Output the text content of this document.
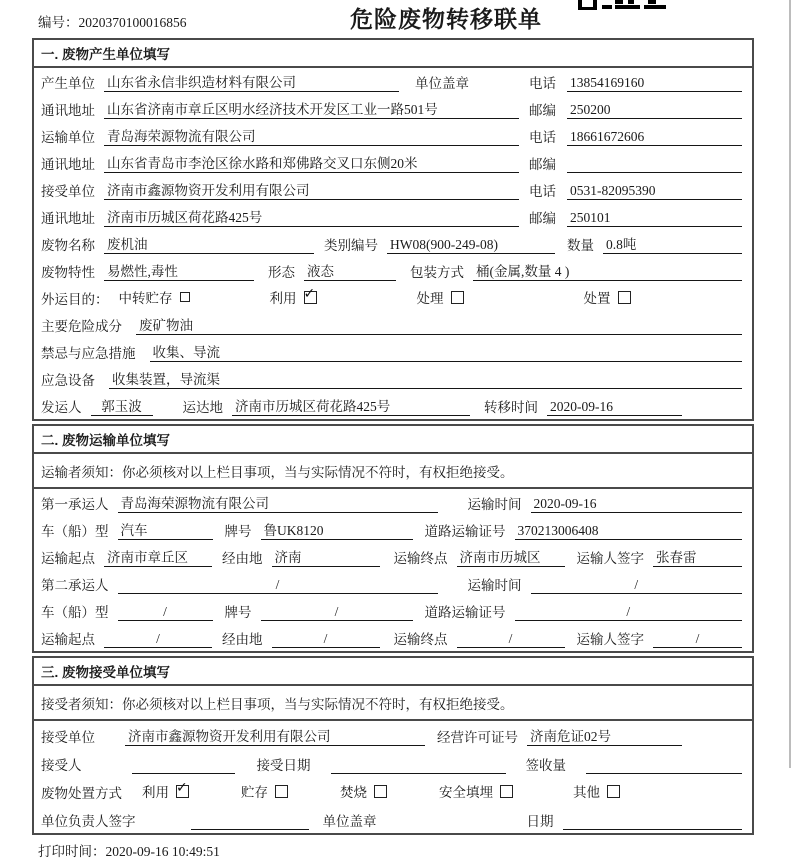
编号：2020370100016856	危险废物转移联单
一. 废物产生单位填写
产生单位 山东省永信非织造材料有限公司	单位盖章	电话 13854169160
通讯地址 山东省济南市章丘区明水经济技术开发区工业一路501号	邮编 250200
运输单位 青岛海荣源物流有限公司	电话 18661672606
通讯地址 山东省青岛市李沧区徐水路和郑佛路交叉口东侧20米	邮编
接受单位 济南市鑫源物资开发利用有限公司	电话 0531-82095390
通讯地址 济南市历城区荷花路425号	邮编 250101
废物名称 废机油	类别编号 HW08(900-249-08)	数量 0.8吨
废物特性 易燃性,毒性	形态 液态	包装方式 桶(金属,数量 4 )
外运目的： 中转贮存	利用 ✓	处理	处置
主要危险成分 废矿物油
禁忌与应急措施 收集、导流
应急设备 收集装置，导流渠
发运人	郭玉波	运达地 济南市历城区荷花路425号	转移时间 2020-09-16
二. 废物运输单位填写
运输者须知：你必须核对以上栏目事项，当与实际情况不符时，有权拒绝接受。
第一承运人 青岛海荣源物流有限公司	运输时间 2020-09-16
车（船）型 汽车	牌号 鲁UK8120	道路运输证号 370213006408
运输起点 济南市章丘区	经由地 济南	运输终点 济南市历城区	运输人签字 张春雷
第二承运人	/	运输时间	/
车（船）型	/	牌号	/	道路运输证号	/
运输起点	/	经由地	/	运输终点	/	运输人签字	/
三. 废物接受单位填写
接受者须知：你必须核对以上栏目事项，当与实际情况不符时，有权拒绝接受。
接受单位 济南市鑫源物资开发利用有限公司	经营许可证号 济南危证02号
接受人	接受日期	签收量
废物处置方式 利用 ✓	贮存	焚烧	安全填埋	其他
单位负责人签字	单位盖章	日期
打印时间：2020-09-16 10:49:51
